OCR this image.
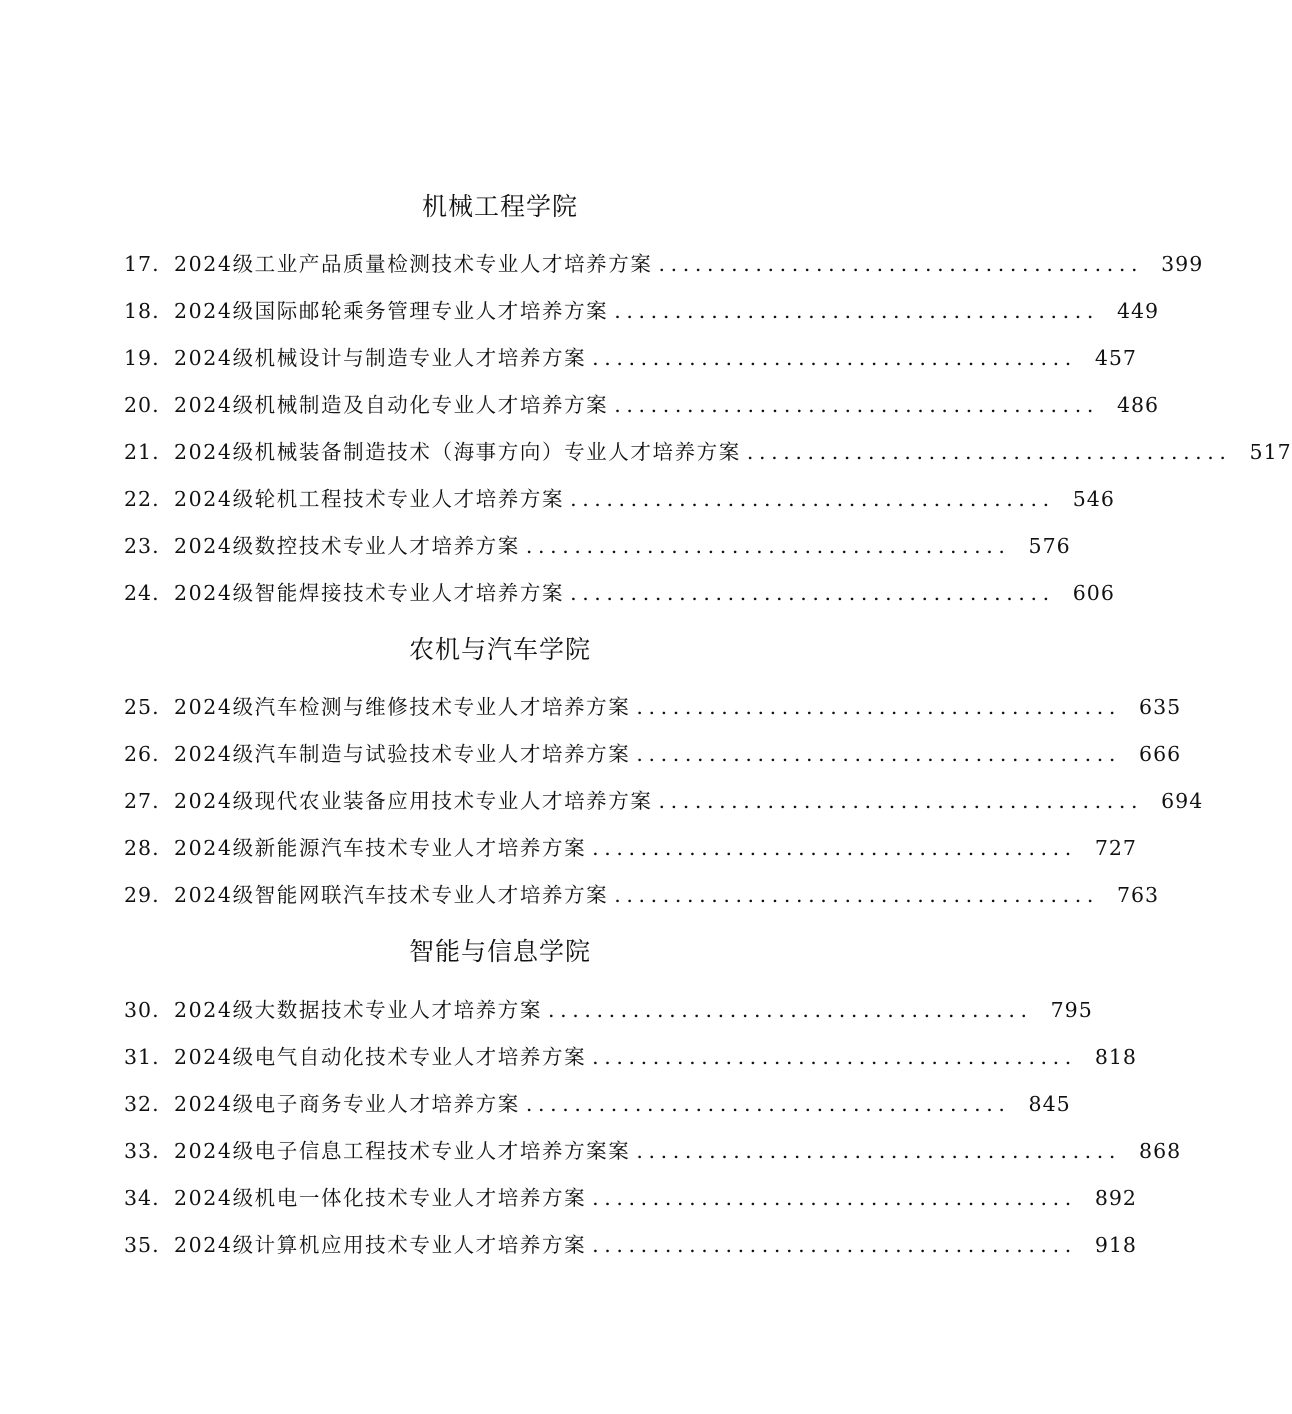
机械工程学院
17. 2024级工业产品质量检测技术专业人才培养方案 ........................................ 399
18. 2024级国际邮轮乘务管理专业人才培养方案 ........................................ 449
19. 2024级机械设计与制造专业人才培养方案 ........................................ 457
20. 2024级机械制造及自动化专业人才培养方案 ........................................ 486
21. 2024级机械装备制造技术（海事方向）专业人才培养方案 ........................................ 517
22. 2024级轮机工程技术专业人才培养方案 ........................................ 546
23. 2024级数控技术专业人才培养方案 ........................................ 576
24. 2024级智能焊接技术专业人才培养方案 ........................................ 606
农机与汽车学院
25. 2024级汽车检测与维修技术专业人才培养方案 ........................................ 635
26. 2024级汽车制造与试验技术专业人才培养方案 ........................................ 666
27. 2024级现代农业装备应用技术专业人才培养方案 ........................................ 694
28. 2024级新能源汽车技术专业人才培养方案 ........................................ 727
29. 2024级智能网联汽车技术专业人才培养方案 ........................................ 763
智能与信息学院
30. 2024级大数据技术专业人才培养方案 ........................................ 795
31. 2024级电气自动化技术专业人才培养方案 ........................................ 818
32. 2024级电子商务专业人才培养方案 ........................................ 845
33. 2024级电子信息工程技术专业人才培养方案案 ........................................ 868
34. 2024级机电一体化技术专业人才培养方案 ........................................ 892
35. 2024级计算机应用技术专业人才培养方案 ........................................ 918
